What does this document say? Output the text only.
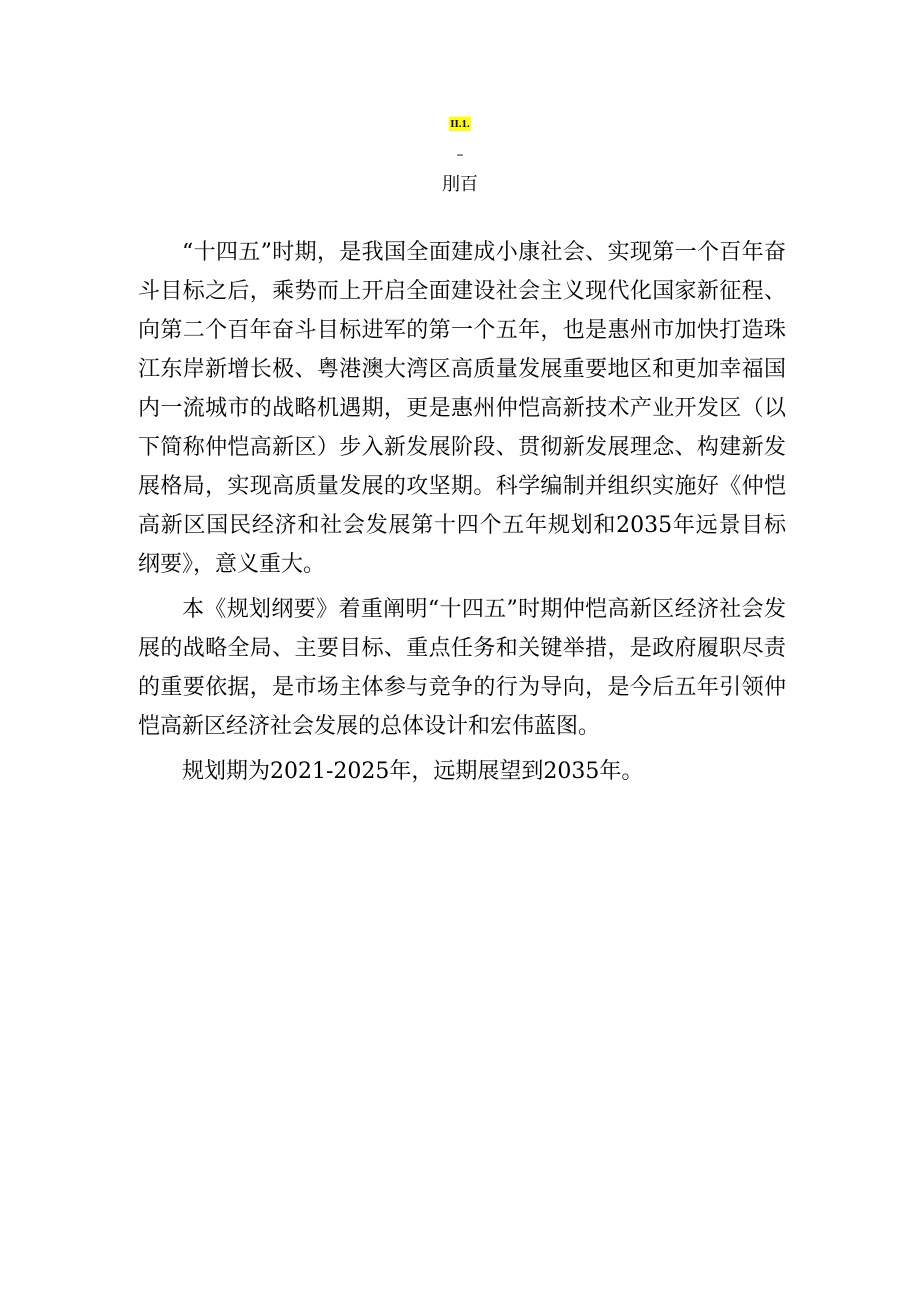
II.1.
–
刖百

“十四五”时期，是我国全面建成小康社会、实现第一个百年奋斗目标之后，乘势而上开启全面建设社会主义现代化国家新征程、向第二个百年奋斗目标进军的第一个五年，也是惠州市加快打造珠江东岸新增长极、粤港澳大湾区高质量发展重要地区和更加幸福国内一流城市的战略机遇期，更是惠州仲恺高新技术产业开发区（以下简称仲恺高新区）步入新发展阶段、贯彻新发展理念、构建新发展格局，实现高质量发展的攻坚期。科学编制并组织实施好《仲恺高新区国民经济和社会发展第十四个五年规划和2035年远景目标纲要》，意义重大。

本《规划纲要》着重阐明“十四五”时期仲恺高新区经济社会发展的战略全局、主要目标、重点任务和关键举措，是政府履职尽责的重要依据，是市场主体参与竞争的行为导向，是今后五年引领仲恺高新区经济社会发展的总体设计和宏伟蓝图。

规划期为2021-2025年，远期展望到2035年。
